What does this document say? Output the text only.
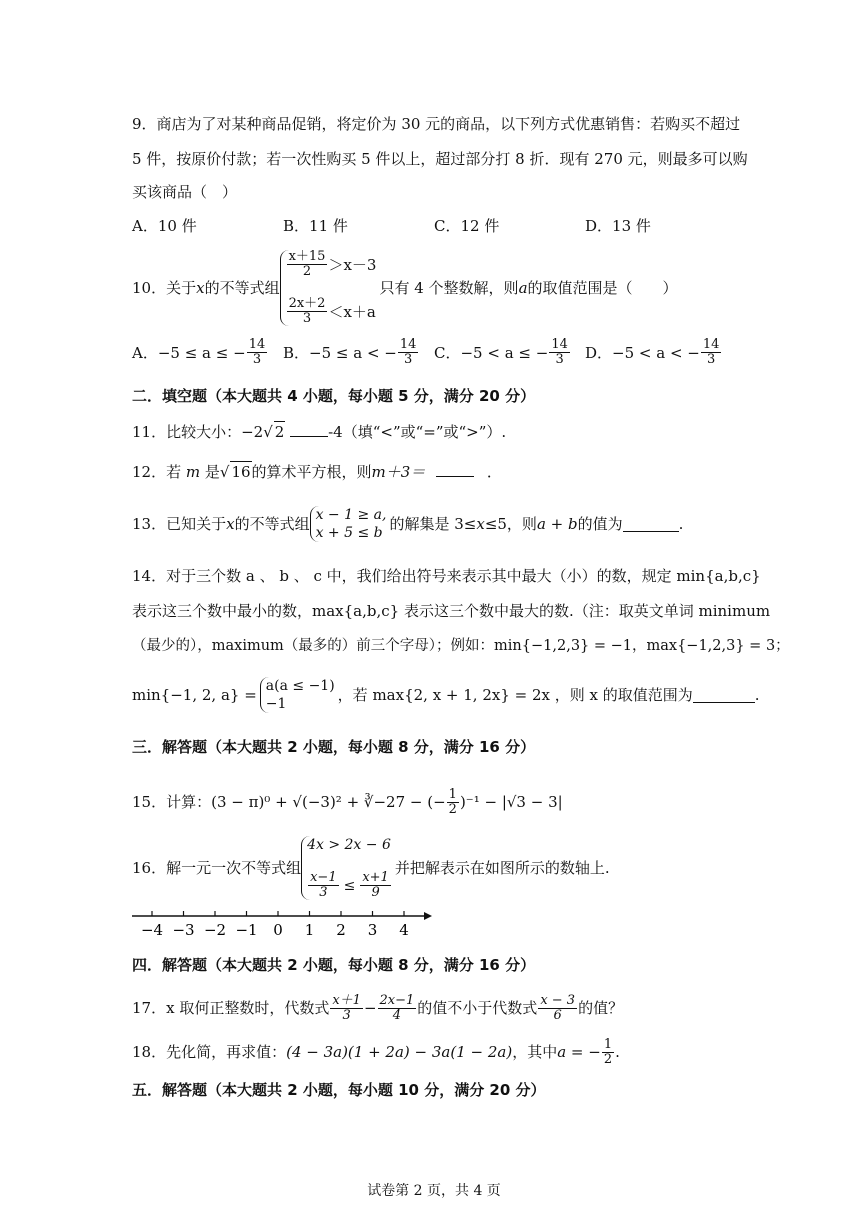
9．商店为了对某种商品促销，将定价为 30 元的商品，以下列方式优惠销售：若购买不超过
5 件，按原价付款；若一次性购买 5 件以上，超过部分打 8 折．现有 270 元，则最多可以购
买该商品（　）
A．10 件	B．11 件	C．12 件	D．13 件
10．关于 x 的不等式组
$\frac{x+15}{2} >x-3$
$\frac{2x+2}{3} <x+a$
只有 4 个整数解，则 a 的取值范围是（　　）
A． −5 ≤ a ≤ − $\frac{14}{3}$ B． −5 ≤ a < − $\frac{14}{3}$ C． −5 < a ≤ − $\frac{14}{3}$ D． −5 < a < − $\frac{14}{3}$
二．填空题（本大题共 4 小题，每小题 5 分，满分 20 分）
11．比较大小：−2√ 2	-4（填“<”或“=”或“>”）.
12．若 m 是√ 16的算术平方根，则m＋3＝	．
13．已知关于 x 的不等式组 x − 1 ≥ a,
x + 5 ≤ b
的解集是 3≤ x ≤5，则 a + b 的值为	.
14．对于三个数 a 、 b 、 c 中，我们给出符号来表示其中最大（小）的数，规定 min{a,b,c}
表示这三个数中最小的数，max{a,b,c} 表示这三个数中最大的数.（注：取英文单词 minimum
（最少的），maximum（最多的）前三个字母）；例如：min{−1,2,3} = −1，max{−1,2,3} = 3；
min{−1, 2, a} = a(a ≤ −1)
−1
，若 max{2, x + 1, 2x} = 2x ，则 x 的取值范围为	.
三．解答题（本大题共 2 小题，每小题 8 分，满分 16 分）
15．计算： (3 − π)⁰ + √(−3)² + ∛−27 − (− $\frac{1}{2} )^{-1} - |√3 - 3|$
16．解一元一次不等式组
4x > 2x − 6
$\frac{x-1}{3} \le \frac{x+1}{9}$
并把解表示在如图所示的数轴上.
−4 −3 −2 −1 0 1 2 3 4
四．解答题（本大题共 2 小题，每小题 8 分，满分 16 分）
17．x 取何正整数时，代数式 $\frac{x+1}{3} - \frac{2x-1}{4}$ 的值不小于代数式 $\frac{x - 3}{6}$ 的值？
18．先化简，再求值： (4 − 3a)(1 + 2a) − 3a(1 − 2a) ，其中 a = − $\frac{1}{2}$ .
五．解答题（本大题共 2 小题，每小题 10 分，满分 20 分）
试卷第 2 页，共 4 页
